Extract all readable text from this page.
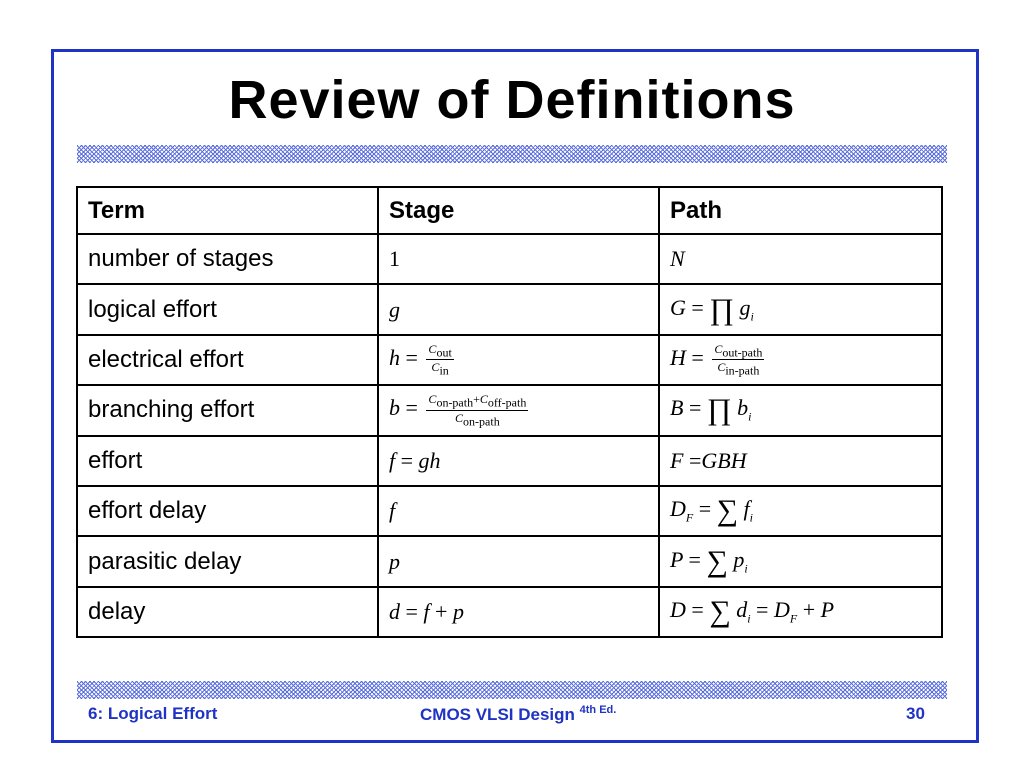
Review of Definitions
Term	Stage	Path
number of stages	1	N
logical effort	g	G = ∏ $g_i$
electrical effort	$h = \frac{C_{out}}{C_{in}}$	$H = \frac{C_{out-path}}{C_{in-path}}$

branching effort	$b = \frac{C_{on-path}+C_{off-path}}{C_{on-path}}$	B = ∏ $b_i$
effort	f = gh	F =GBH
effort delay	f	$D_F$ = ∑ $f_i$
parasitic delay	p	P = ∑ $p_i$
delay	d = f + p	D = ∑ $d_i = D_F + P$
6: Logical Effort	CMOS VLSI Design $^{4th Ed.}$	30
